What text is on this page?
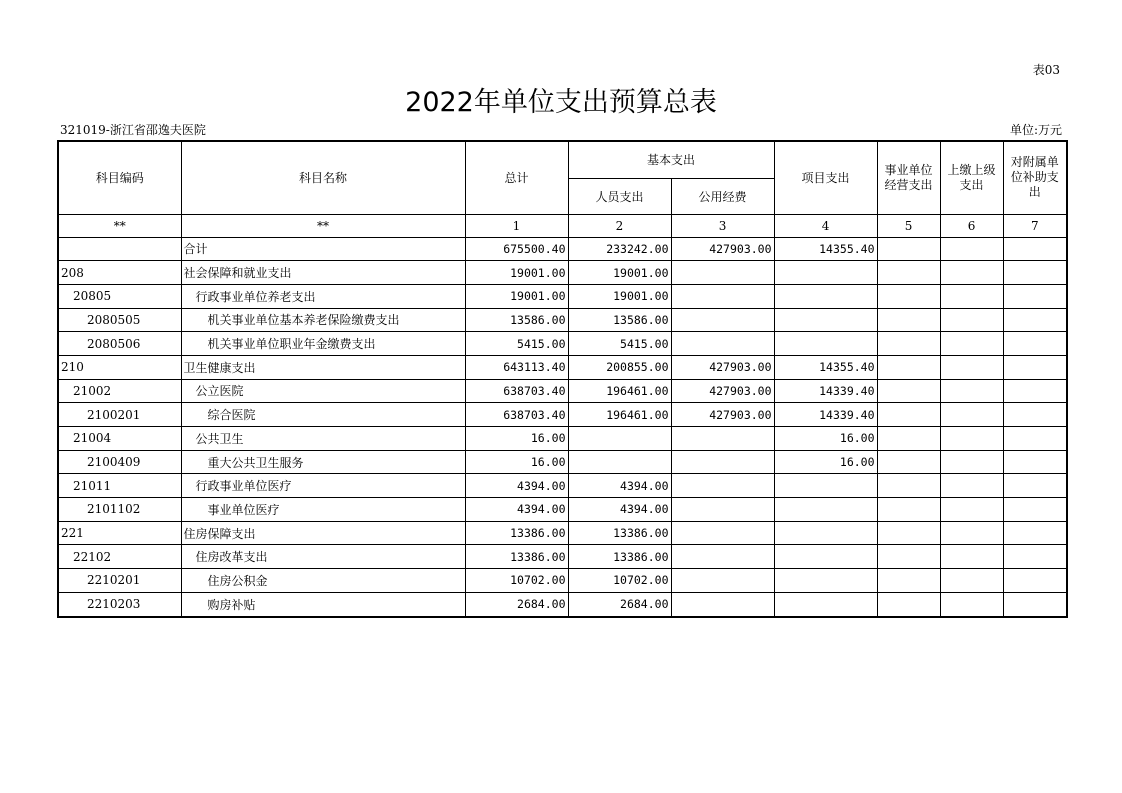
表03
2022年单位支出预算总表
321019-浙江省邵逸夫医院	单位:万元
科目编码	科目名称	总计	基本支出		项目支出	事业单位经营支出	上缴上级支出	对附属单位补助支出
			人员支出	公用经费				
**	**	1	2	3	4	5	6	7
	合计	675500.40	233242.00	427903.00	14355.40			
208	社会保障和就业支出	19001.00	19001.00					
20805	行政事业单位养老支出	19001.00	19001.00					
2080505	机关事业单位基本养老保险缴费支出	13586.00	13586.00					
2080506	机关事业单位职业年金缴费支出	5415.00	5415.00					
210	卫生健康支出	643113.40	200855.00	427903.00	14355.40			
21002	公立医院	638703.40	196461.00	427903.00	14339.40			
2100201	综合医院	638703.40	196461.00	427903.00	14339.40			
21004	公共卫生	16.00			16.00			
2100409	重大公共卫生服务	16.00			16.00			
21011	行政事业单位医疗	4394.00	4394.00					
2101102	事业单位医疗	4394.00	4394.00					
221	住房保障支出	13386.00	13386.00					
22102	住房改革支出	13386.00	13386.00					
2210201	住房公积金	10702.00	10702.00					
2210203	购房补贴	2684.00	2684.00					
